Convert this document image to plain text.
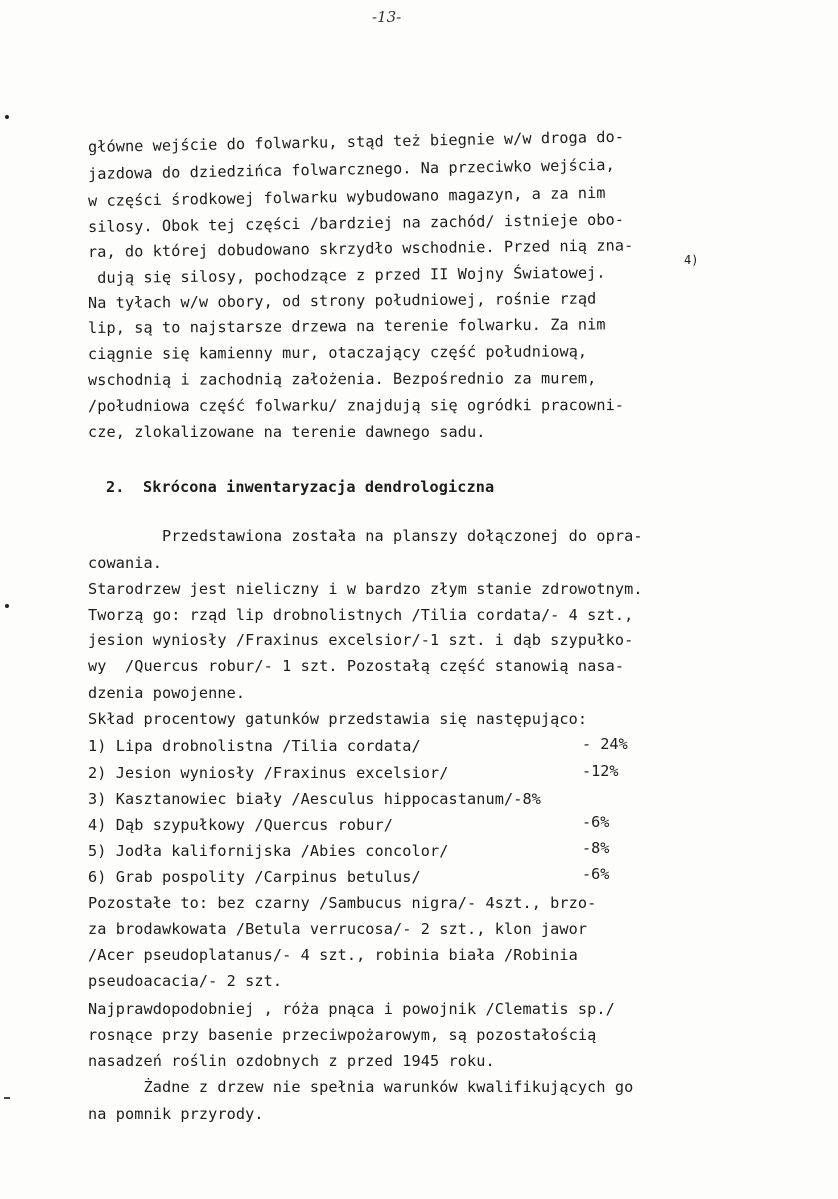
-13-
główne wejście do folwarku, stąd też biegnie w/w droga do-
jazdowa do dziedzińca folwarcznego. Na przeciwko wejścia,
w części środkowej folwarku wybudowano magazyn, a za nim
silosy. Obok tej części /bardziej na zachód/ istnieje obo-
ra, do której dobudowano skrzydło wschodnie. Przed nią zna-
dują się silosy, pochodzące z przed II Wojny Światowej.
Na tyłach w/w obory, od strony południowej, rośnie rząd
lip, są to najstarsze drzewa na terenie folwarku. Za nim
ciągnie się kamienny mur, otaczający część południową,
wschodnią i zachodnią założenia. Bezpośrednio za murem,
/południowa część folwarku/ znajdują się ogródki pracowni-
cze, zlokalizowane na terenie dawnego sadu.
4)
2.  Skrócona inwentaryzacja dendrologiczna
Przedstawiona została na planszy dołączonej do opra-
cowania.
Starodrzew jest nieliczny i w bardzo złym stanie zdrowotnym.
Tworzą go: rząd lip drobnolistnych /Tilia cordata/- 4 szt.,
jesion wyniosły /Fraxinus excelsior/-1 szt. i dąb szypułko-
wy  /Quercus robur/- 1 szt. Pozostałą część stanowią nasa-
dzenia powojenne.
Skład procentowy gatunków przedstawia się następująco:
1) Lipa drobnolistna /Tilia cordata/	- 24%
2) Jesion wyniosły /Fraxinus excelsior/	-12%
3) Kasztanowiec biały /Aesculus hippocastanum/-8%
4) Dąb szypułkowy /Quercus robur/	-6%
5) Jodła kalifornijska /Abies concolor/	-8%
6) Grab pospolity /Carpinus betulus/	-6%
Pozostałe to: bez czarny /Sambucus nigra/- 4szt., brzo-
za brodawkowata /Betula verrucosa/- 2 szt., klon jawor
/Acer pseudoplatanus/- 4 szt., robinia biała /Robinia
pseudoacacia/- 2 szt.
Najprawdopodobniej , róża pnąca i powojnik /Clematis sp./
rosnące przy basenie przeciwpożarowym, są pozostałością
nasadzeń roślin ozdobnych z przed 1945 roku.
Żadne z drzew nie spełnia warunków kwalifikujących go
na pomnik przyrody.
